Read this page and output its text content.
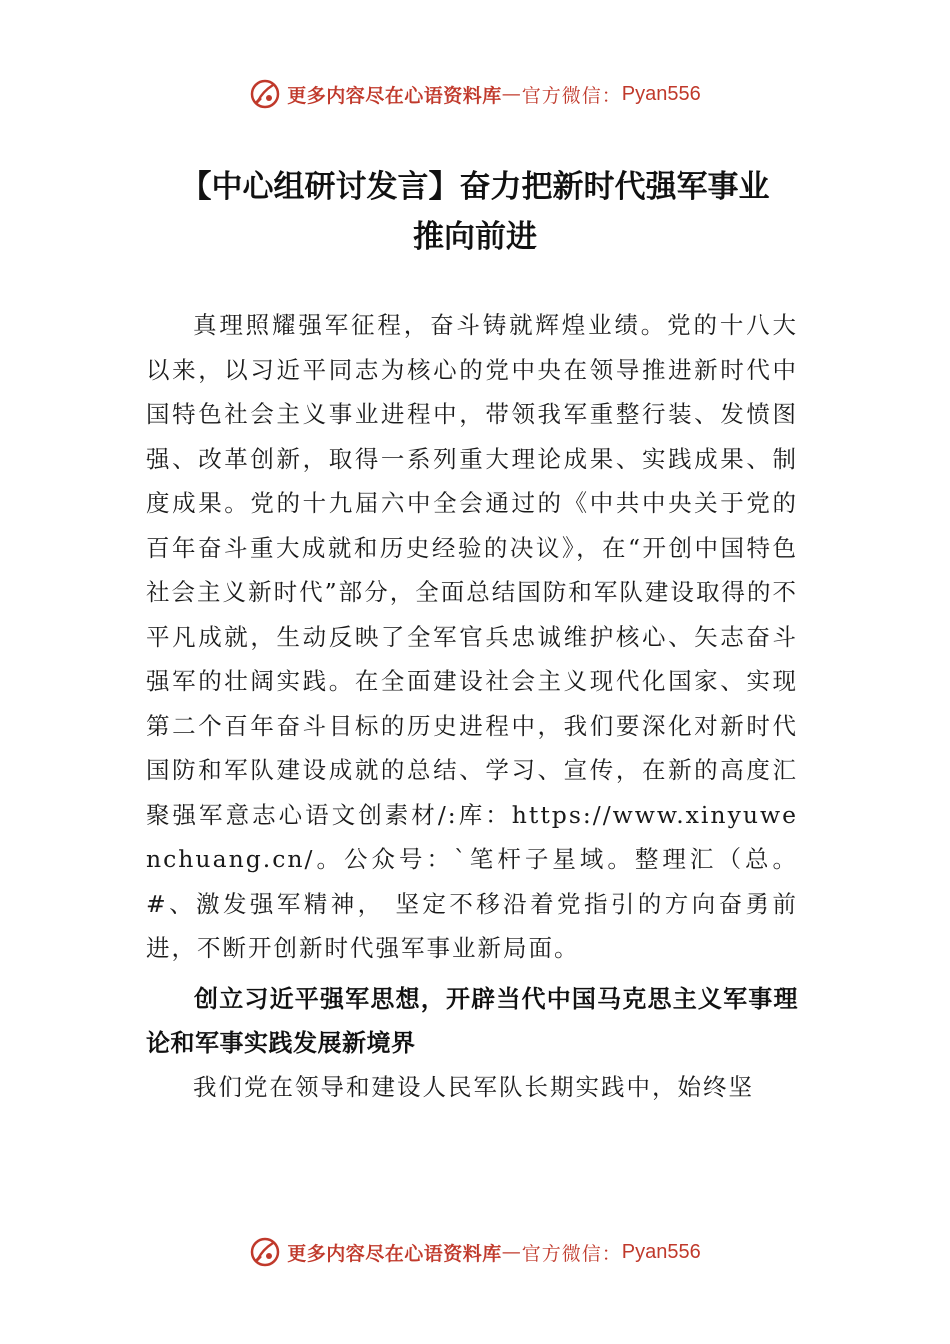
更多内容尽在心语资料库 — 官方微信： Pyan556
【中心组研讨发言】奋力把新时代强军事业
推向前进

真理照耀强军征程，奋斗铸就辉煌业绩。党的十八大以来，以习近平同志为核心的党中央在领导推进新时代中国特色社会主义事业进程中，带领我军重整行装、发愤图强、改革创新，取得一系列重大理论成果、实践成果、制度成果。党的十九届六中全会通过的《中共中央关于党的百年奋斗重大成就和历史经验的决议》，在“开创中国特色社会主义新时代”部分，全面总结国防和军队建设取得的不平凡成就，生动反映了全军官兵忠诚维护核心、矢志奋斗强军的壮阔实践。在全面建设社会主义现代化国家、实现第二个百年奋斗目标的历史进程中，我们要深化对新时代国防和军队建设成就的总结、学习、宣传，在新的高度汇聚强军意志心语文创素材/:库：https://www.xinyuwenchuang.cn/。公众号：`笔杆子星域。整理汇（总。#、激发强军精神， 坚定不移沿着党指引的方向奋勇前进，不断开创新时代强军事业新局面。

创立习近平强军思想，开辟当代中国马克思主义军事理论和军事实践发展新境界

我们党在领导和建设人民军队长期实践中，始终坚

更多内容尽在心语资料库 — 官方微信： Pyan556
